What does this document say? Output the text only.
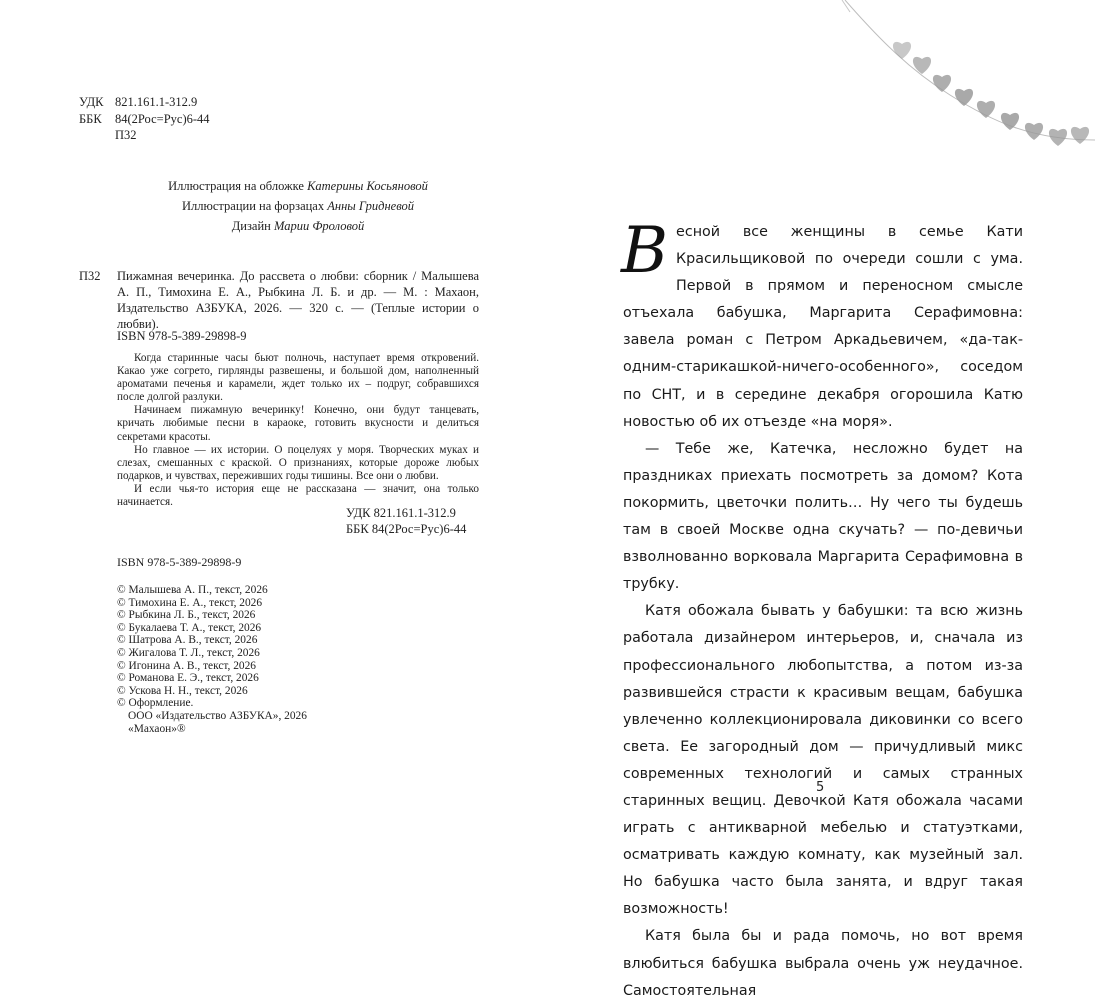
УДК 821.161.1-312.9
ББК	84(2Рос=Рус)6-44
П32
Иллюстрация на обложке Катерины Косьяновой
Иллюстрации на форзацах Анны Гридневой
Дизайн Марии Фроловой
П32 Пижамная вечеринка. До рассвета о любви: сборник / Малышева А. П., Тимохина Е. А., Рыбкина Л. Б. и др. — М. : Махаон, Издательство АЗБУКА, 2026. — 320 с. — (Теплые истории о любви).
ISBN 978-5-389-29898-9

Когда старинные часы бьют полночь, наступает время откровений. Какао уже согрето, гирлянды развешены, и большой дом, наполненный ароматами печенья и карамели, ждет только их – подруг, собравшихся после долгой разлуки.

Начинаем пижамную вечеринку! Конечно, они будут танцевать, кричать любимые песни в караоке, готовить вкусности и делиться секретами красоты.

Но главное — их истории. О поцелуях у моря. Творческих муках и слезах, смешанных с краской. О признаниях, которые дороже любых подарков, и чувствах, переживших годы тишины. Все они о любви.

И если чья-то история еще не рассказана — значит, она только начинается.

УДК 821.161.1-312.9
ББК 84(2Рос=Рус)6-44
ISBN 978-5-389-29898-9
© Малышева А. П., текст, 2026
© Тимохина Е. А., текст, 2026
© Рыбкина Л. Б., текст, 2026
© Букалаева Т. А., текст, 2026
© Шатрова А. В., текст, 2026
© Жигалова Т. Л., текст, 2026
© Игонина А. В., текст, 2026
© Романова Е. Э., текст, 2026
© Ускова Н. Н., текст, 2026
© Оформление.
ООО «Издательство АЗБУКА», 2026
«Махаон»®

Весной все женщины в семье Кати Красильщиковой по очереди сошли с ума. Первой в прямом и переносном смысле отъехала бабушка, Маргарита Серафимовна: завела роман с Петром Аркадьевичем, «да-так-одним-старикашкой-ничего-особенного», соседом по СНТ, и в середине декабря огорошила Катю новостью об их отъезде «на моря».

— Тебе же, Катечка, несложно будет на праздниках приехать посмотреть за домом? Кота покормить, цветочки полить… Ну чего ты будешь там в своей Москве одна скучать? — по-девичьи взволнованно ворковала Маргарита Серафимовна в трубку.

Катя обожала бывать у бабушки: та всю жизнь работала дизайнером интерьеров, и, сначала из профессионального любопытства, а потом из-за развившейся страсти к красивым вещам, бабушка увлеченно коллекционировала диковинки со всего света. Ее загородный дом — причудливый микс современных технологий и самых странных старинных вещиц. Девочкой Катя обожала часами играть с антикварной мебелью и статуэтками, осматривать каждую комнату, как музейный зал. Но бабушка часто была занята, и вдруг такая возможность!

Катя была бы и рада помочь, но вот время влюбиться бабушка выбрала очень уж неудачное. Самостоятельная

5
